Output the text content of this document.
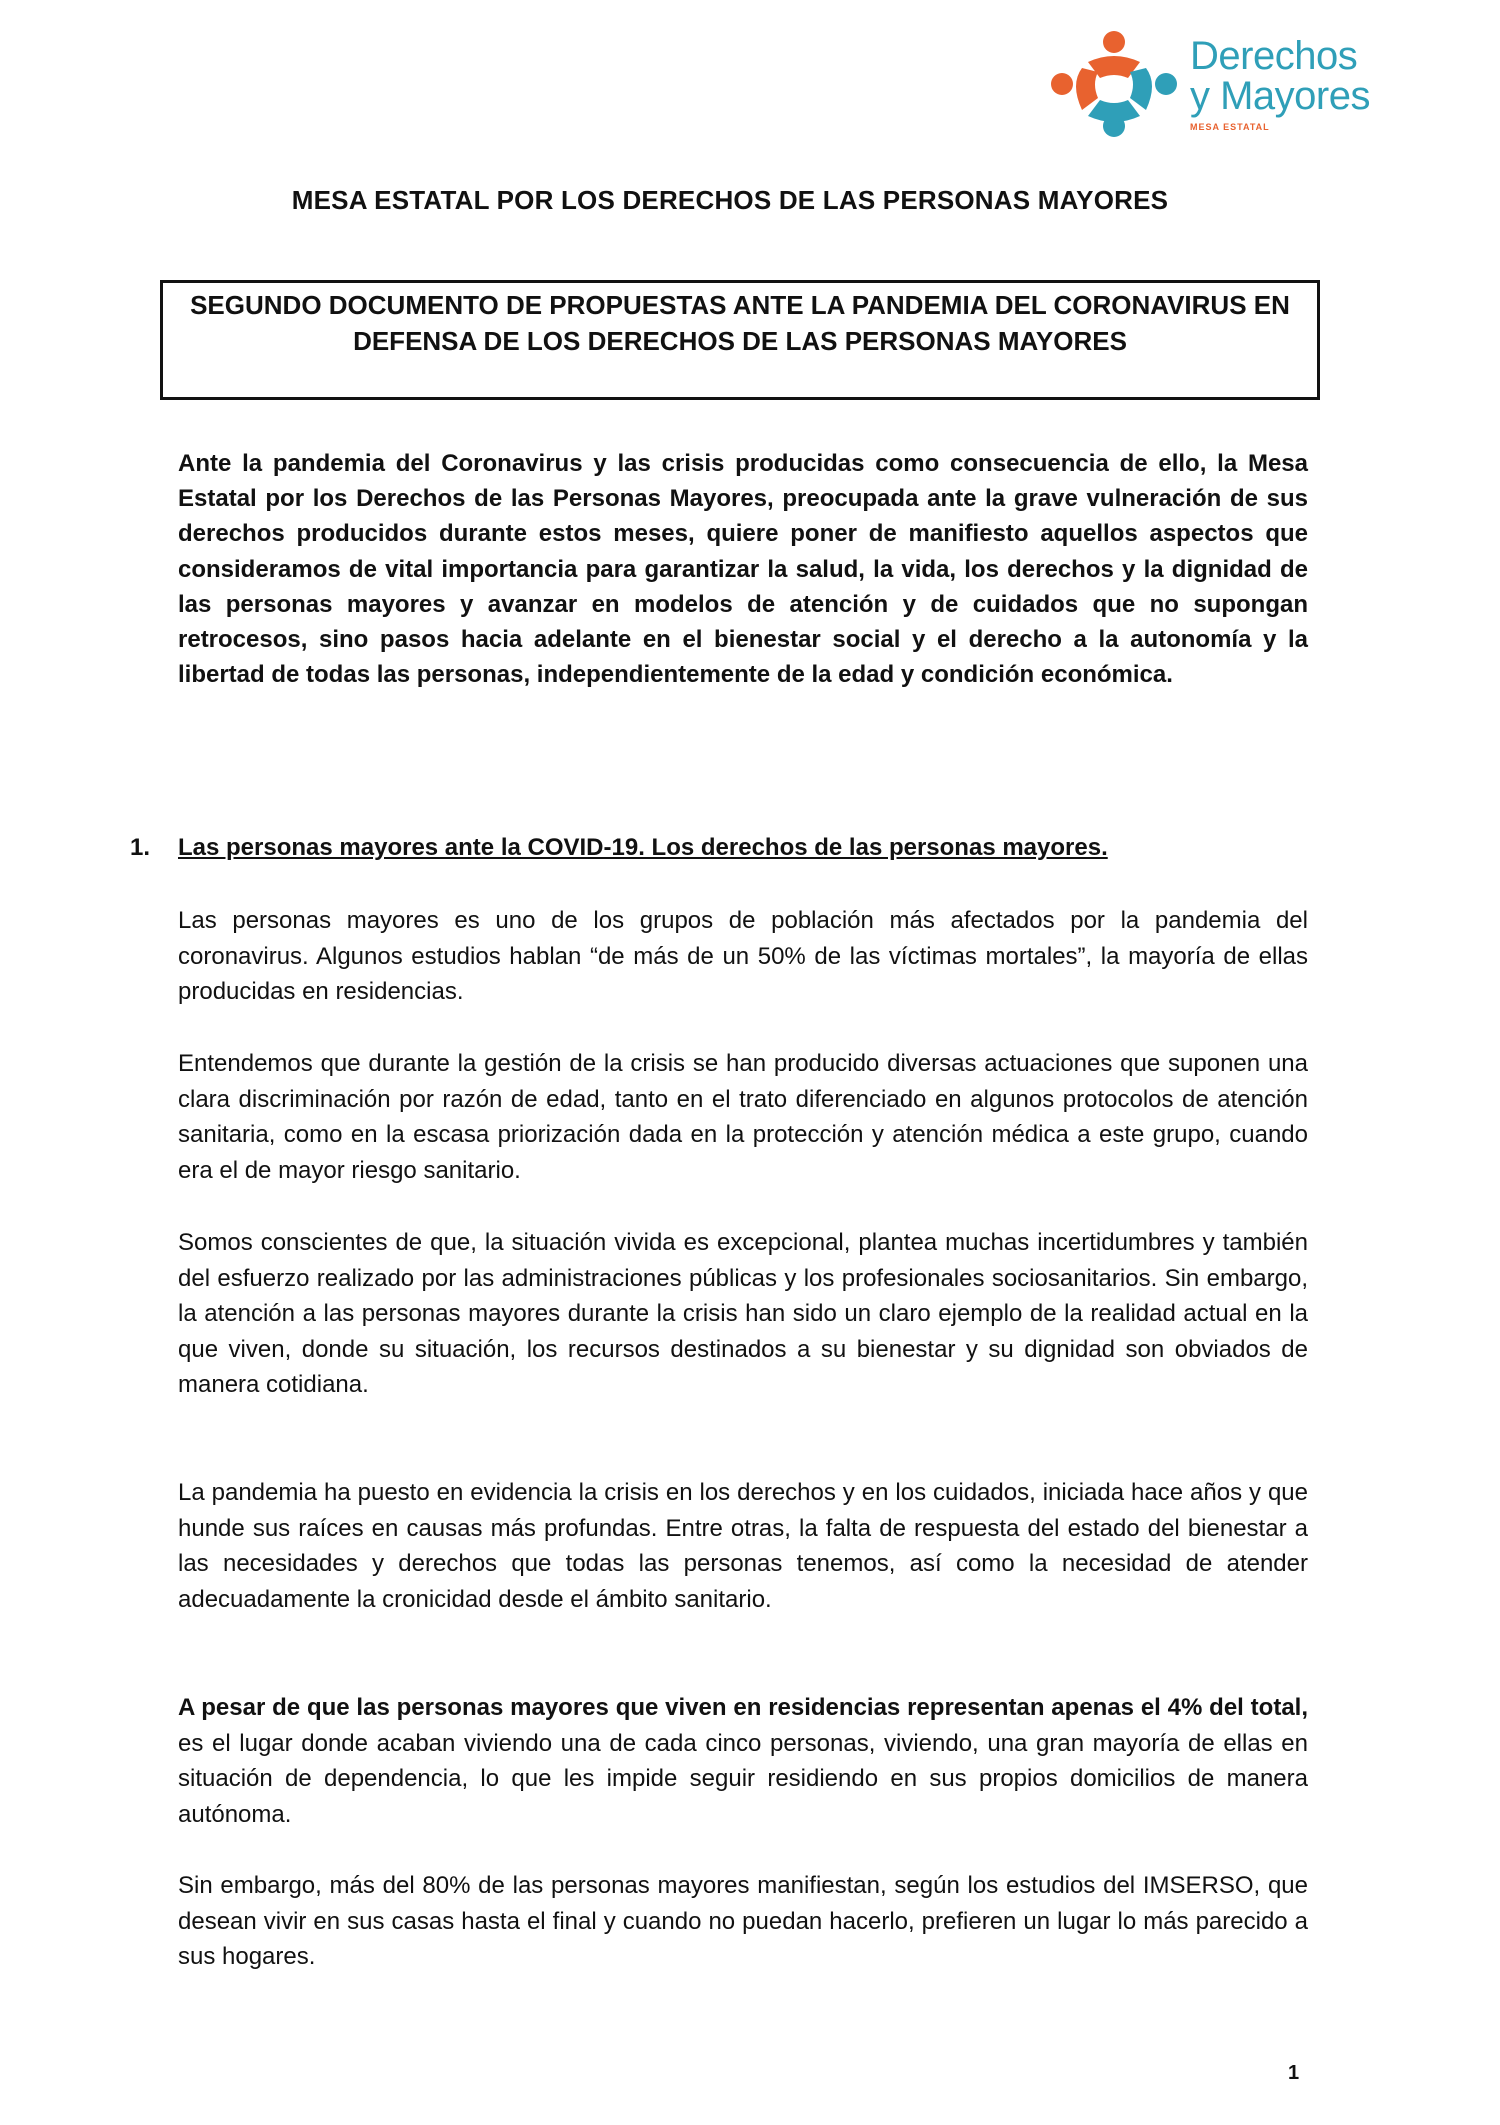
Derechos
y Mayores
MESA ESTATAL
MESA ESTATAL POR LOS DERECHOS DE LAS PERSONAS MAYORES
SEGUNDO DOCUMENTO DE PROPUESTAS ANTE LA PANDEMIA DEL CORONAVIRUS EN DEFENSA DE LOS DERECHOS DE LAS PERSONAS MAYORES
Ante la pandemia del Coronavirus y las crisis producidas como consecuencia de ello, la Mesa Estatal por los Derechos de las Personas Mayores, preocupada ante la grave vulneración de sus derechos producidos durante estos meses, quiere poner de manifiesto aquellos aspectos que consideramos de vital importancia para garantizar la salud, la vida, los derechos y la dignidad de las personas mayores y avanzar en modelos de atención y de cuidados que no supongan retrocesos, sino pasos hacia adelante en el bienestar social y el derecho a la autonomía y la libertad de todas las personas, independientemente de la edad y condición económica.
1. Las personas mayores ante la COVID-19. Los derechos de las personas mayores.
Las personas mayores es uno de los grupos de población más afectados por la pandemia del coronavirus. Algunos estudios hablan “de más de un 50% de las víctimas mortales”, la mayoría de ellas producidas en residencias.
Entendemos que durante la gestión de la crisis se han producido diversas actuaciones que suponen una clara discriminación por razón de edad, tanto en el trato diferenciado en algunos protocolos de atención sanitaria, como en la escasa priorización dada en la protección y atención médica a este grupo, cuando era el de mayor riesgo sanitario.
Somos conscientes de que, la situación vivida es excepcional, plantea muchas incertidumbres y también del esfuerzo realizado por las administraciones públicas y los profesionales sociosanitarios. Sin embargo, la atención a las personas mayores durante la crisis han sido un claro ejemplo de la realidad actual en la que viven, donde su situación, los recursos destinados a su bienestar y su dignidad son obviados de manera cotidiana.
La pandemia ha puesto en evidencia la crisis en los derechos y en los cuidados, iniciada hace años y que hunde sus raíces en causas más profundas. Entre otras, la falta de respuesta del estado del bienestar a las necesidades y derechos que todas las personas tenemos, así como la necesidad de atender adecuadamente la cronicidad desde el ámbito sanitario.
A pesar de que las personas mayores que viven en residencias representan apenas el 4% del total, es el lugar donde acaban viviendo una de cada cinco personas, viviendo, una gran mayoría de ellas en situación de dependencia, lo que les impide seguir residiendo en sus propios domicilios de manera autónoma.
Sin embargo, más del 80% de las personas mayores manifiestan, según los estudios del IMSERSO, que desean vivir en sus casas hasta el final y cuando no puedan hacerlo, prefieren un lugar lo más parecido a sus hogares.
1
